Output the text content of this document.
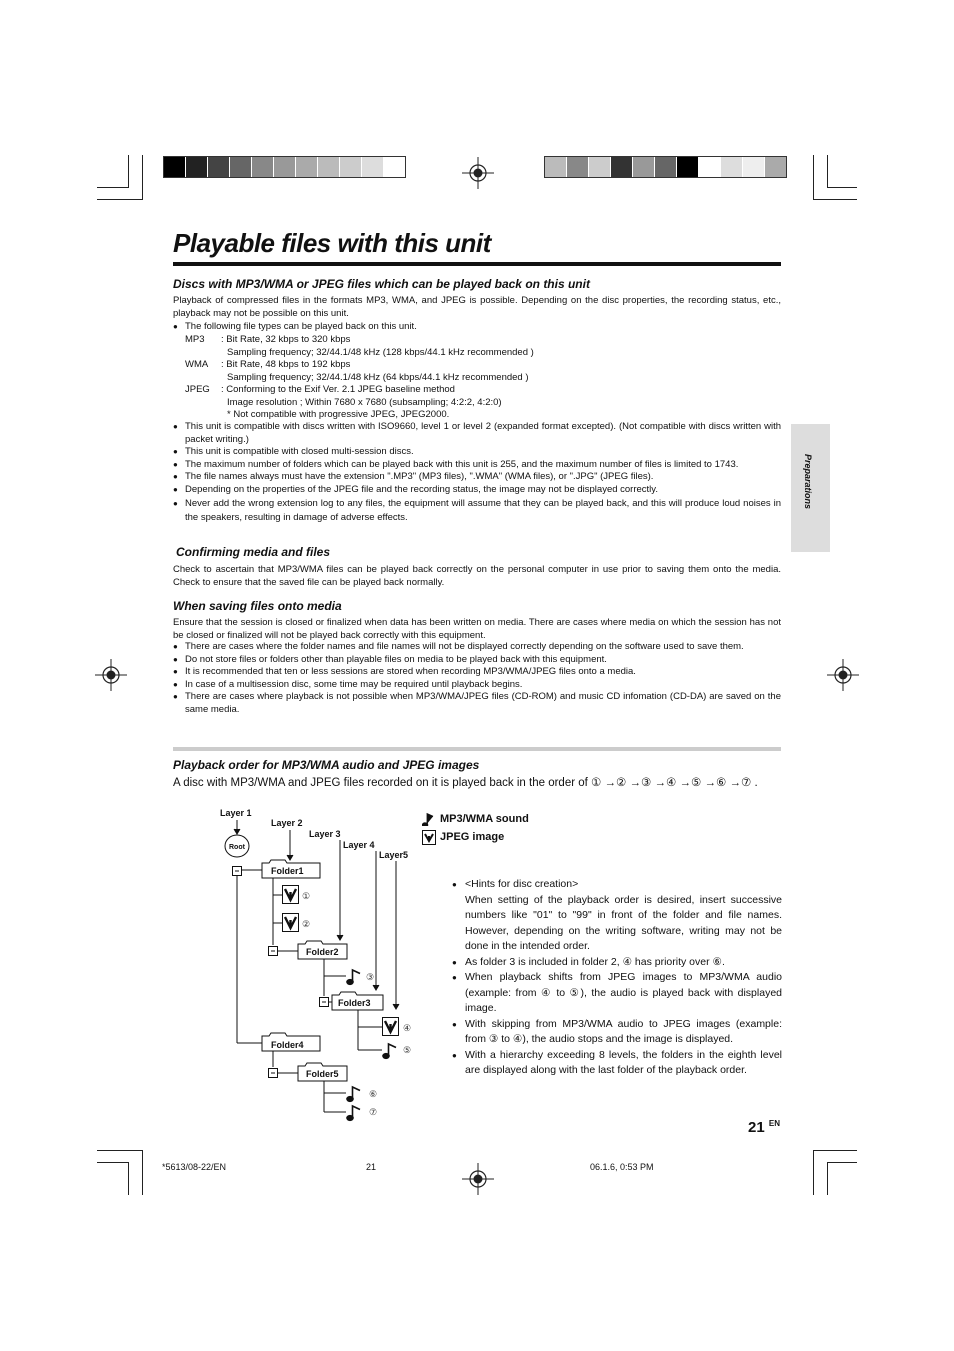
Playable files with this unit
Preparations
Discs with MP3/WMA or JPEG files which can be played back on this unit
Playback of compressed files in the formats MP3, WMA, and JPEG is possible. Depending on the disc properties, the recording status, etc., playback may not be possible on this unit.
● The following file types can be played back on this unit.
MP3 : Bit Rate, 32 kbps to 320 kbps
Sampling frequency; 32/44.1/48 kHz (128 kbps/44.1 kHz recommended )
WMA : Bit Rate, 48 kbps to 192 kbps
Sampling frequency; 32/44.1/48 kHz (64 kbps/44.1 kHz recommended )
JPEG : Conforming to the Exif Ver. 2.1 JPEG baseline method
Image resolution ; Within 7680 x 7680 (subsampling; 4:2:2, 4:2:0)
* Not compatible with progressive JPEG, JPEG2000.
● This unit is compatible with discs written with ISO9660, level 1 or level 2 (expanded format excepted). (Not compatible with discs written with packet writing.)
● This unit is compatible with closed multi-session discs.
● The maximum number of folders which can be played back with this unit is 255, and the maximum number of files is limited to 1743.
● The file names always must have the extension ".MP3" (MP3 files), ".WMA" (WMA files), or ".JPG" (JPEG files).
● Depending on the properties of the JPEG file and the recording status, the image may not be displayed correctly.
● Never add the wrong extension log to any files, the equipment will assume that they can be played back, and this will produce loud noises in the speakers, resulting in damage of adverse effects.
Confirming media and files
Check to ascertain that MP3/WMA files can be played back correctly on the personal computer in use prior to saving them onto the media. Check to ensure that the saved file can be played back normally.
When saving files onto media
Ensure that the session is closed or finalized when data has been written on media. There are cases where media on which the session has not be closed or finalized will not be played back correctly with this equipment.
● There are cases where the folder names and file names will not be displayed correctly depending on the software used to save them.
● Do not store files or folders other than playable files on media to be played back with this equipment.
● It is recommended that ten or less sessions are stored when recording MP3/WMA/JPEG files onto a media.
● In case of a multisession disc, some time may be required until playback begins.
● There are cases where playback is not possible when MP3/WMA/JPEG files (CD-ROM) and music CD infomation (CD-DA) are saved on the same media.
Playback order for MP3/WMA audio and JPEG images
A disc with MP3/WMA and JPEG files recorded on it is played back in the order of ① →② →③ →④ →⑤ →⑥ →⑦ .
MP3/WMA sound
JPEG image
Layer 1
Layer 2
Layer 3
Layer 4
Layer5
Root
Folder1
Folder2
Folder3
Folder4
Folder5
①
②
③
④
⑤
⑥
⑦
● <Hints for disc creation>
When setting of the playback order is desired, insert successive numbers like "01" to "99" in front of the folder and file names. However, depending on the writing software, writing may not be done in the intended order.
● As folder 3 is included in folder 2, ④ has priority over ⑥.
● When playback shifts from JPEG images to MP3/WMA audio (example: from ④ to ⑤), the audio is played back with displayed image.
● With skipping from MP3/WMA audio to JPEG images (example: from ③ to ④), the audio stops and the image is displayed.
● With a hierarchy exceeding 8 levels, the folders in the eighth level are displayed along with the last folder of the playback order.
21 $^{EN}$
*5613/08-22/EN	21	06.1.6, 0:53 PM
